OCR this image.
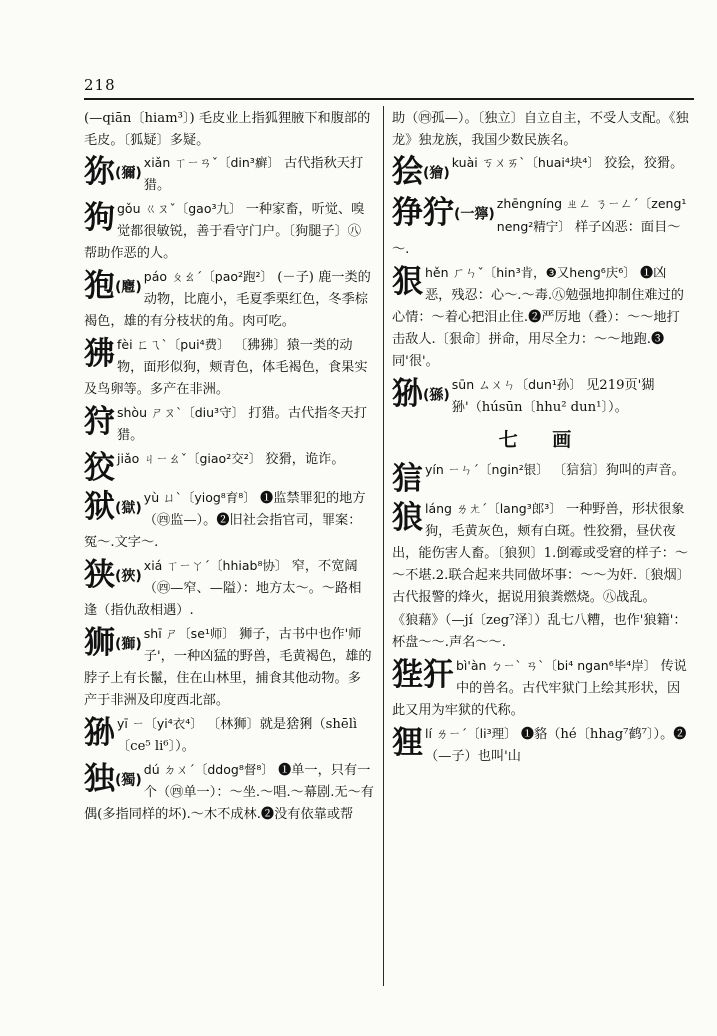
218

(—qiān〔hiam³〕) 毛皮业上指狐狸腋下和腹部的毛皮。〔狐疑〕多疑。

狝(獮)
xiǎn ㄒㄧㄢˇ〔din³癣〕 古代指秋天打猎。
狗gǒu ㄍㄡˇ〔gao³九〕 一种家畜，听觉、嗅觉都很敏锐，善于看守门户。〔狗腿子〕㊇帮助作恶的人。
狍(麅)
páo ㄆㄠˊ〔pao²跑²〕 (－子) 鹿一类的动物，比鹿小，毛夏季栗红色，冬季棕褐色，雄的有分枝状的角。肉可吃。
狒fèi ㄈㄟˋ〔pui⁴费〕 〔狒狒〕猿一类的动物，面形似狗，颊青色，体毛褐色，食果实及鸟卵等。多产在非洲。
狩shòu ㄕㄡˋ〔diu³守〕 打猎。古代指冬天打猎。
狡jiǎo ㄐㄧㄠˇ〔giao²交²〕 狡猾，诡诈。
狱(獄)
yù ㄩˋ〔yiog⁸育⁸〕 ❶监禁罪犯的地方（㊃监—）。❷旧社会指官司，罪案：冤～.文字～.
狭(狹)
xiá ㄒㄧㄚˊ〔hhiab⁸协〕 窄，不宽阔（㊃—窄、—隘）：地方太～。～路相逢（指仇敌相遇）.
狮(獅)
shī ㄕ〔se¹师〕 狮子，古书中也作'师子'，一种凶猛的野兽，毛黄褐色，雄的脖子上有长鬣，住在山林里，捕食其他动物。多产于非洲及印度西北部。
狲yī ㄧ〔yi⁴衣⁴〕 〔林狮〕就是猞猁（shēlì〔ce⁵ li⁶〕）。
独(獨)
dú ㄉㄨˊ〔ddog⁸督⁸〕 ❶单一，只有一个（㊃单一）：～坐.～唱.～幕剧.无～有偶(多指同样的坏).～木不成林.❷没有依靠或帮

助（㊃孤—）。〔独立〕自立自主，不受人支配。《独龙》独龙族，我国少数民族名。

狯(獪)
kuài ㄎㄨㄞˋ〔huai⁴块⁴〕 狡狯，狡猾。
狰狞(一獰)
zhēngníng ㄓㄥ ㄋㄧㄥˊ〔zeng¹ neng²精宁〕 样子凶恶：面目～～.
狠hěn ㄏㄣˇ〔hin³肯，❸又heng⁶庆⁶〕 ❶凶恶，残忍：心～.～毒.㊇勉强地抑制住难过的心情：～着心把泪止住.❷严厉地（叠）：～～地打击敌人.〔狠命〕拼命，用尽全力：～～地跑.❸同'很'。
狲(猻)
sūn ㄙㄨㄣ〔dun¹孙〕 见219页'猢狲'（húsūn〔hhu² dun¹〕）。
七 画
狺yín ㄧㄣˊ〔ngin²银〕 〔狺狺〕狗叫的声音。
狼láng ㄌㄤˊ〔lang³郎³〕 一种野兽，形状很象狗，毛黄灰色，颊有白斑。性狡猾，昼伏夜出，能伤害人畜。〔狼狈〕1.倒霉或受窘的样子：～～不堪.2.联合起来共同做坏事：～～为奸.〔狼烟〕古代报警的烽火，据说用狼粪燃烧。㊇战乱。
《狼藉》（—jí〔zeg⁷泽〕）乱七八糟，也作'狼籍'：杯盘～～.声名～～.
狴犴 bì'àn ㄅㄧˋ ㄢˋ〔bi⁴ ngan⁶毕⁴岸〕 传说中的兽名。古代牢狱门上绘其形状，因此又用为牢狱的代称。
狸lí ㄌㄧˊ〔li³理〕 ❶貉（hé〔hhag⁷鹤⁷〕）。❷（—子）也叫'山
